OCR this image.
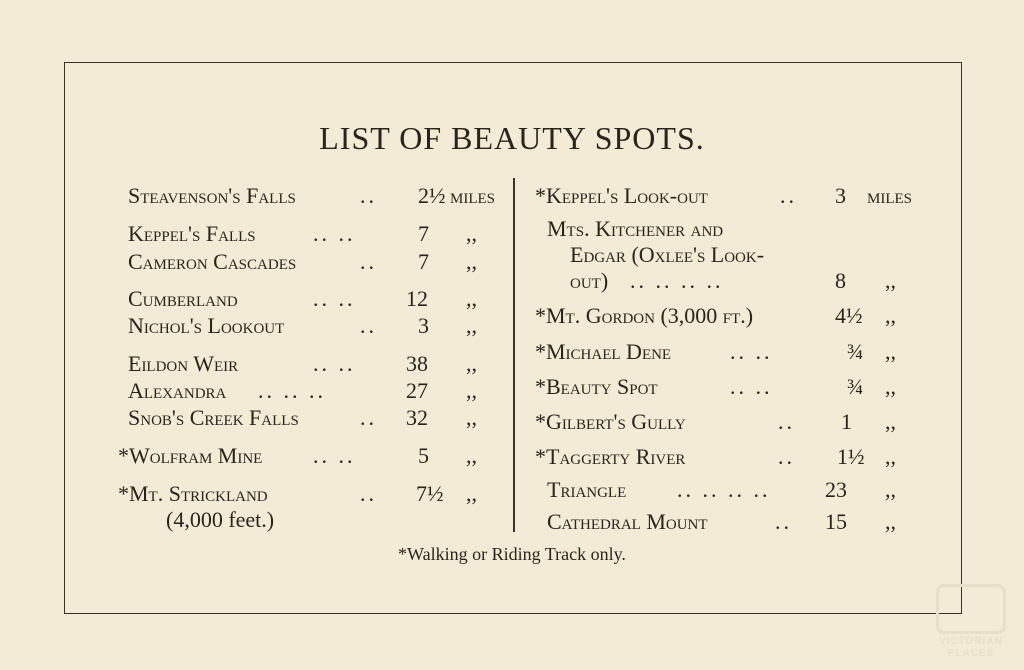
LIST OF BEAUTY SPOTS.
Steavenson's Falls	.. 2½ miles
Keppel's Falls	.. ..	7 ,,
Cameron Cascades	.. 7 ,,
Cumberland	.. .. 12 ,,
Nichol's Lookout	.. 3 ,,
Eildon Weir	.. .. 38 ,,
Alexandra .. .. ..	27 ,,
Snob's Creek Falls	.. 32 ,,
*Wolfram Mine .. ..	5 ,,
*Mt. Strickland	.. 7½ ,,
(4,000 feet.)
*Keppel's Look-out	.. 3 miles
Mts. Kitchener and
Edgar (Oxlee's Look-
out) .. .. .. ..	8 ,,
*Mt. Gordon (3,000 ft.)	4½ ,,
*Michael Dene	.. ..	¾ ,,
*Beauty Spot	.. ..	¾ ,,
*Gilbert's Gully	.. 1 ,,
*Taggerty River	.. 1½ ,,
Triangle .. .. .. .. 23 ,,
Cathedral Mount	.. 15 ,,
*Walking or Riding Track only.
VICTORIAN
PLACES
